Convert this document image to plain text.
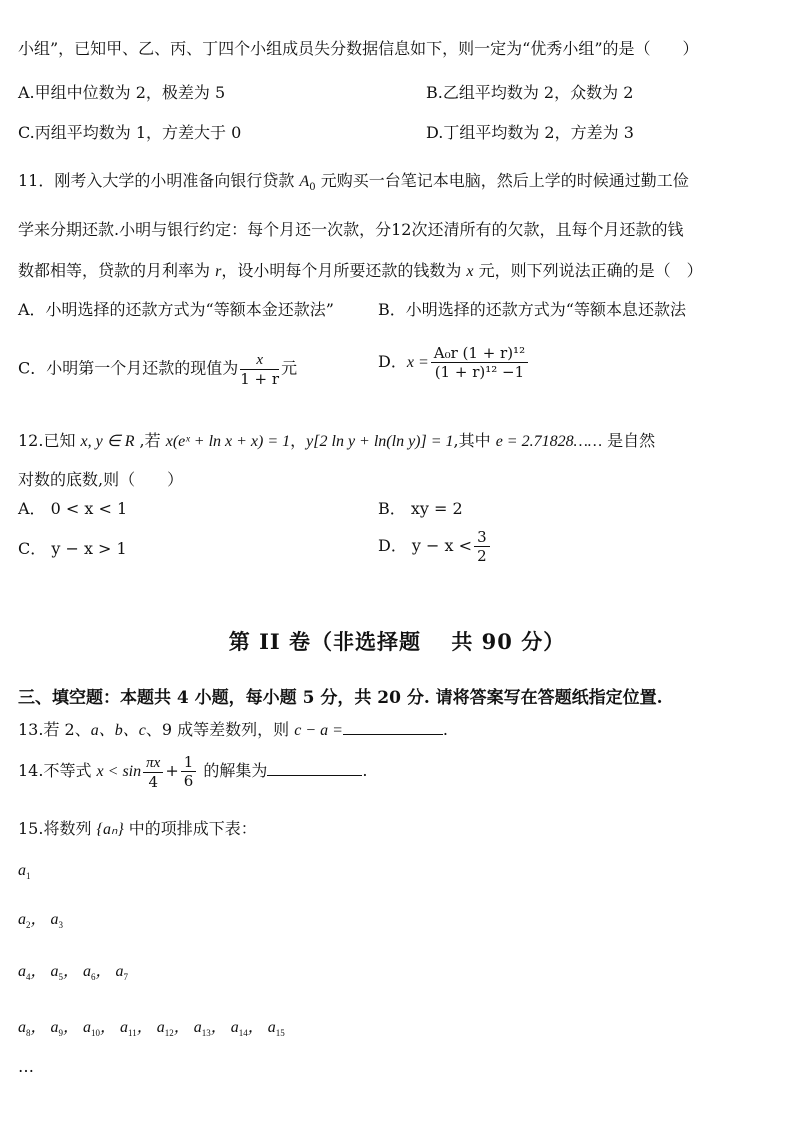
小组”，已知甲、乙、丙、丁四个小组成员失分数据信息如下，则一定为“优秀小组”的是（　　）
A.甲组中位数为 2，极差为 5	B.乙组平均数为 2，众数为 2
C.丙组平均数为 1，方差大于 0	D.丁组平均数为 2，方差为 3
11．刚考入大学的小明准备向银行贷款 $A_0$ 元购买一台笔记本电脑，然后上学的时候通过勤工俭
学来分期还款.小明与银行约定：每个月还一次款，分12次还清所有的欠款，且每个月还款的钱
数都相等，贷款的月利率为 r，设小明每个月所要还款的钱数为 x 元，则下列说法正确的是（　）
A．小明选择的还款方式为“等额本金还款法”	B．小明选择的还款方式为“等额本息还款法
C．小明第一个月还款的现值为 $\frac{x}{1 + r}$ 元	D．$x = \frac{\text{A₀r (1 + r)¹²}}{\text{(1 + r)¹² −1}}$
12.已知 x, y ∈ R ,若 x(eˣ + ln x + x) = 1，y[2 ln y + ln(ln y)] = 1,其中 e = 2.71828…… 是自然
对数的底数,则（　　）
A． 0 < x < 1	B． xy = 2
C． y − x > 1	D． $y - x < \frac{3}{2}$
第 II 卷（非选择题　 共 90 分）
三、填空题：本题共 4 小题，每小题 5 分，共 20 分. 请将答案写在答题纸指定位置.
13.若 2、a、b、c、9 成等差数列，则 c − a =	.
14.不等式 $x < \sin \frac{\pi x}{4} + \frac{1}{6}$ 的解集为	.
15.将数列 {aₙ} 中的项排成下表：
$a_1$
$a_2$， $a_3$
$a_4$， $a_5$， $a_6$， $a_7$
$a_8$， $a_9$， $a_{10}$， $a_{11}$， $a_{12}$， $a_{13}$， $a_{14}$， $a_{15}$
…
